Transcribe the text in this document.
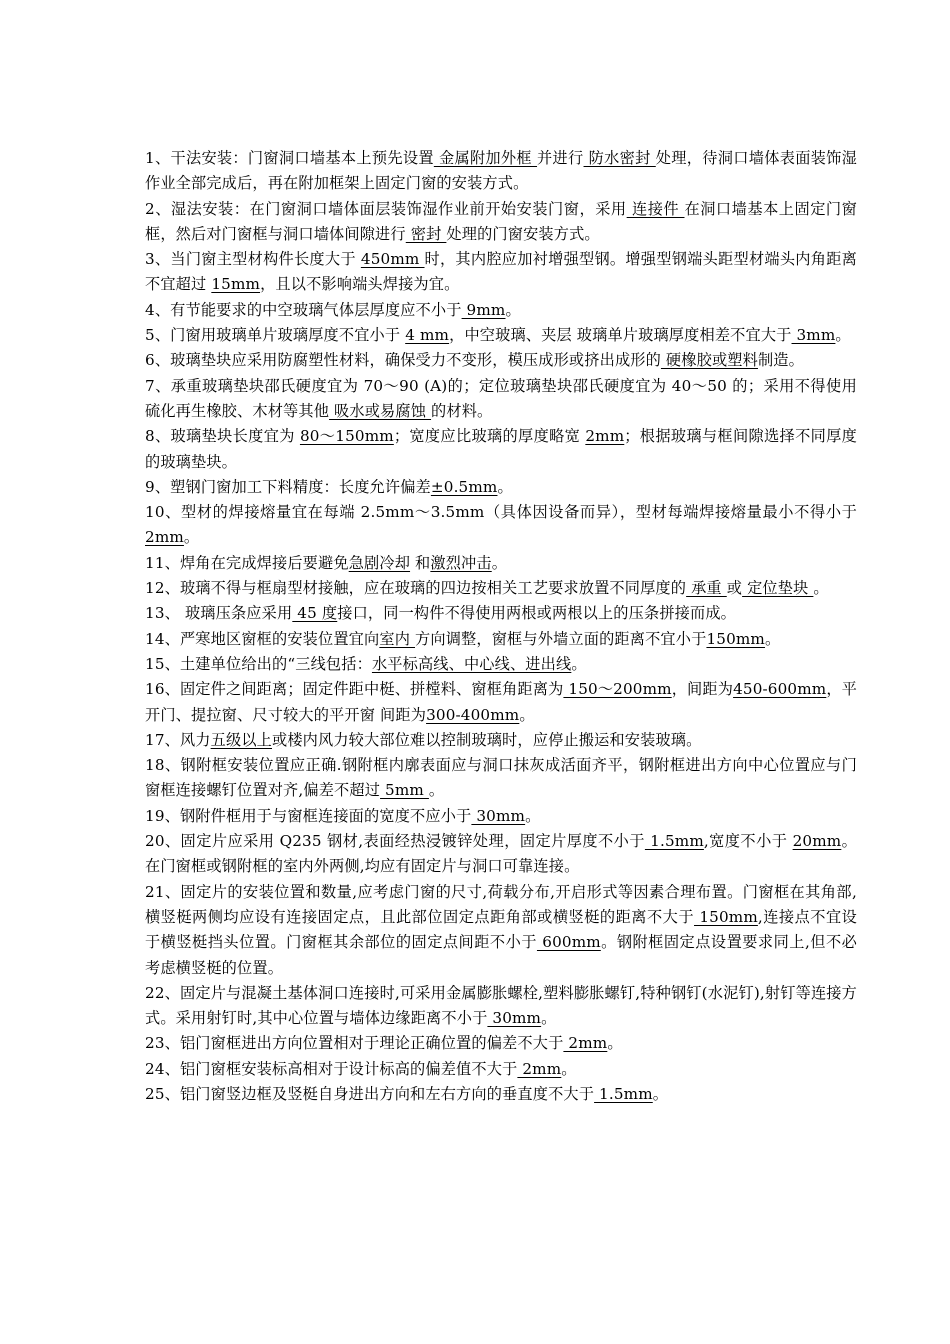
1、干法安装：门窗洞口墙基本上预先设置 金属附加外框 并进行 防水密封 处理，待洞口墙体表面装饰湿作业全部完成后，再在附加框架上固定门窗的安装方式。

2、湿法安装：在门窗洞口墙体面层装饰湿作业前开始安装门窗，采用 连接件 在洞口墙基本上固定门窗 框，然后对门窗框与洞口墙体间隙进行 密封 处理的门窗安装方式。

3、当门窗主型材构件长度大于 450mm 时，其内腔应加衬增强型钢。增强型钢端头距型材端头内角距离不宜超过 15mm，且以不影响端头焊接为宜。

4、有节能要求的中空玻璃气体层厚度应不小于 9mm。

5、门窗用玻璃单片玻璃厚度不宜小于 4 mm，中空玻璃、夹层 玻璃单片玻璃厚度相差不宜大于 3mm。

6、玻璃垫块应采用防腐塑性材料，确保受力不变形，模压成形或挤出成形的 硬橡胶或塑料制造。

7、承重玻璃垫块邵氏硬度宜为 70～90 (A)的；定位玻璃垫块邵氏硬度宜为 40～50 的；采用不得使用硫化再生橡胶、木材等其他 吸水或易腐蚀 的材料。

8、玻璃垫块长度宜为 80～150mm；宽度应比玻璃的厚度略宽 2mm；根据玻璃与框间隙选择不同厚度的玻璃垫块。

9、塑钢门窗加工下料精度：长度允许偏差±0.5mm。

10、型材的焊接熔量宜在每端 2.5mm～3.5mm（具体因设备而异），型材每端焊接熔量最小不得小于 2mm。

11、焊角在完成焊接后要避免急剧冷却 和激烈冲击。

12、玻璃不得与框扇型材接触，应在玻璃的四边按相关工艺要求放置不同厚度的 承重 或 定位垫块 。

13、 玻璃压条应采用 45 度接口，同一构件不得使用两根或两根以上的压条拼接而成。

14、严寒地区窗框的安装位置宜向室内 方向调整，窗框与外墙立面的距离不宜小于150mm。

15、土建单位给出的“三线包括：水平标高线、中心线、进出线。

16、固定件之间距离；固定件距中梃、拼樘料、窗框角距离为 150～200mm，间距为450-600mm，平开门、提拉窗、尺寸较大的平开窗 间距为300-400mm。

17、风力五级以上或楼内风力较大部位难以控制玻璃时，应停止搬运和安装玻璃。

18、钢附框安装位置应正确.钢附框内廓表面应与洞口抹灰成活面齐平，钢附框进出方向中心位置应与门窗框连接螺钉位置对齐,偏差不超过 5mm 。

19、钢附件框用于与窗框连接面的宽度不应小于 30mm。

20、固定片应采用 Q235 钢材,表面经热浸镀锌处理，固定片厚度不小于 1.5mm,宽度不小于 20mm。在门窗框或钢附框的室内外两侧,均应有固定片与洞口可靠连接。

21、固定片的安装位置和数量,应考虑门窗的尺寸,荷载分布,开启形式等因素合理布置。门窗框在其角部,横竖梃两侧均应设有连接固定点，且此部位固定点距角部或横竖梃的距离不大于 150mm,连接点不宜设于横竖梃挡头位置。门窗框其余部位的固定点间距不小于 600mm。钢附框固定点设置要求同上,但不必考虑横竖梃的位置。

22、固定片与混凝土基体洞口连接时,可采用金属膨胀螺栓,塑料膨胀螺钉,特种钢钉(水泥钉),射钉等连接方式。采用射钉时,其中心位置与墙体边缘距离不小于 30mm。

23、铝门窗框进出方向位置相对于理论正确位置的偏差不大于 2mm。

24、铝门窗框安装标高相对于设计标高的偏差值不大于 2mm。

25、铝门窗竖边框及竖梃自身进出方向和左右方向的垂直度不大于 1.5mm。
